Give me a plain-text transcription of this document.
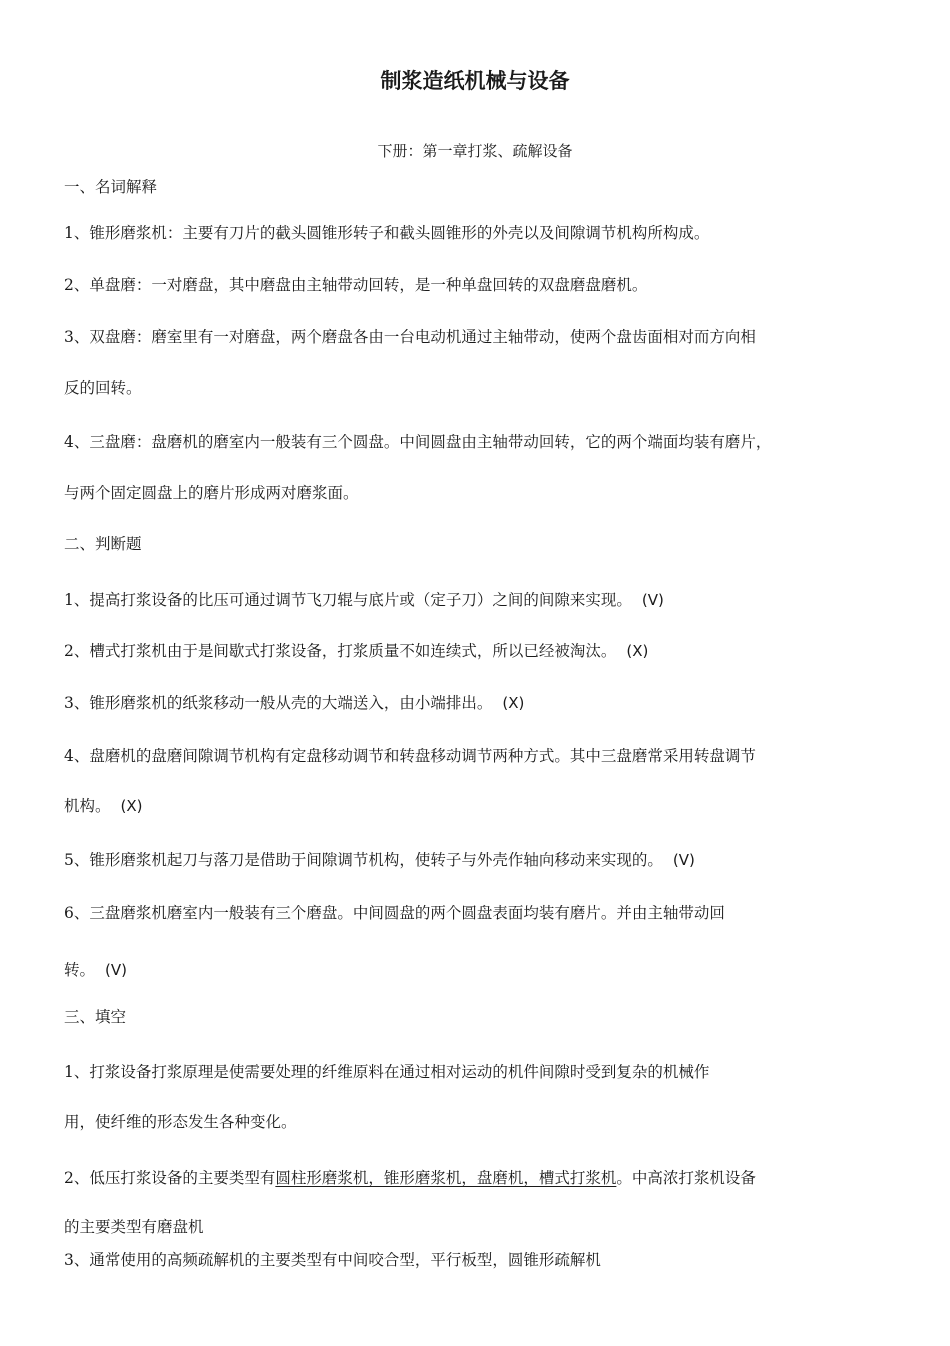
制浆造纸机械与设备
下册：第一章打浆、疏解设备
一、名词解释
1、锥形磨浆机：主要有刀片的截头圆锥形转子和截头圆锥形的外壳以及间隙调节机构所构成。
2、单盘磨：一对磨盘，其中磨盘由主轴带动回转，是一种单盘回转的双盘磨盘磨机。
3、双盘磨：磨室里有一对磨盘，两个磨盘各由一台电动机通过主轴带动，使两个盘齿面相对而方向相
反的回转。
4、三盘磨：盘磨机的磨室内一般装有三个圆盘。中间圆盘由主轴带动回转，它的两个端面均装有磨片，
与两个固定圆盘上的磨片形成两对磨浆面。
二、判断题
1、提高打浆设备的比压可通过调节飞刀辊与底片或（定子刀）之间的间隙来实现。 (V)
2、槽式打浆机由于是间歇式打浆设备，打浆质量不如连续式，所以已经被淘汰。 (X)
3、锥形磨浆机的纸浆移动一般从壳的大端送入，由小端排出。 (X)
4、盘磨机的盘磨间隙调节机构有定盘移动调节和转盘移动调节两种方式。其中三盘磨常采用转盘调节
机构。 (X)
5、锥形磨浆机起刀与落刀是借助于间隙调节机构，使转子与外壳作轴向移动来实现的。 (V)
6、三盘磨浆机磨室内一般装有三个磨盘。中间圆盘的两个圆盘表面均装有磨片。并由主轴带动回
转。 (V)
三、填空
1、打浆设备打浆原理是使需要处理的纤维原料在通过相对运动的机件间隙时受到复杂的机械作
用，使纤维的形态发生各种变化。
2、低压打浆设备的主要类型有圆柱形磨浆机，锥形磨浆机，盘磨机，槽式打浆机。中高浓打浆机设备
的主要类型有磨盘机
3、通常使用的高频疏解机的主要类型有中间咬合型，平行板型，圆锥形疏解机
